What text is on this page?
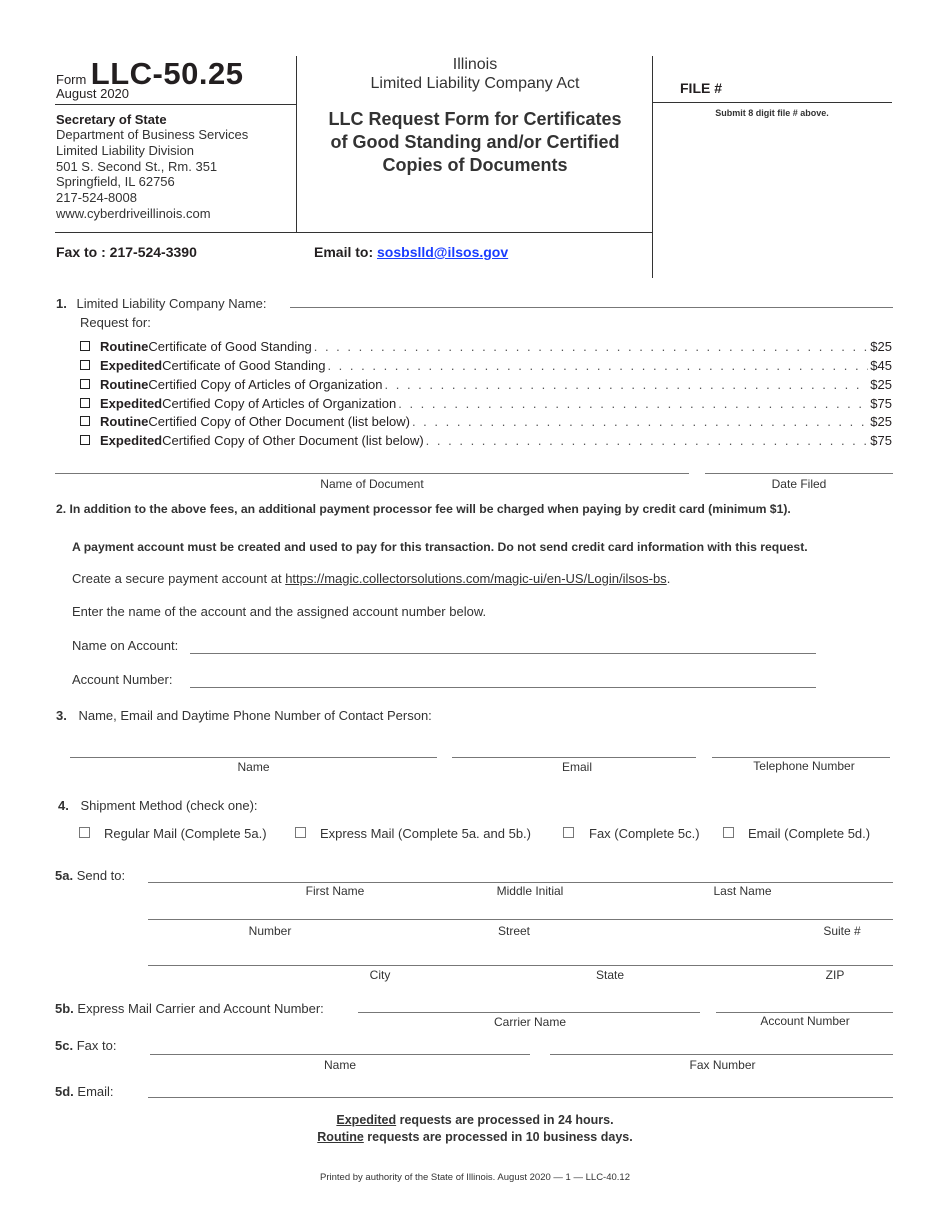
Form LLC-50.25
August 2020
Secretary of State
Department of Business Services
Limited Liability Division
501 S. Second St., Rm. 351
Springfield, IL 62756
217-524-8008
www.cyberdriveillinois.com
Illinois
Limited Liability Company Act
LLC Request Form for Certificates
of Good Standing and/or Certified
Copies of Documents
FILE #
Submit 8 digit file # above.
Fax to : 217-524-3390	Email to: sosbslld@ilsos.gov
1. Limited Liability Company Name:
Request for:
Routine Certificate of Good Standing . . .	$25
Expedited Certificate of Good Standing . . .	$45
Routine Certified Copy of Articles of Organization . . .	$25
Expedited Certified Copy of Articles of Organization . . .	$75
Routine Certified Copy of Other Document (list below) . . .	$25
Expedited Certified Copy of Other Document (list below) . . .	$75
Name of Document	Date Filed
2. In addition to the above fees, an additional payment processor fee will be charged when paying by credit card (minimum $1).
A payment account must be created and used to pay for this transaction. Do not send credit card information with this request.
Create a secure payment account at https://magic.collectorsolutions.com/magic-ui/en-US/Login/ilsos-bs.
Enter the name of the account and the assigned account number below.
Name on Account:
Account Number:
3. Name, Email and Daytime Phone Number of Contact Person:
Name	Email	Telephone Number
4. Shipment Method (check one):
Regular Mail (Complete 5a.)	Express Mail (Complete 5a. and 5b.)	Fax (Complete 5c.)	Email (Complete 5d.)
5a. Send to:
First Name	Middle Initial	Last Name
Number	Street	Suite #
City	State	ZIP
5b. Express Mail Carrier and Account Number:
Carrier Name	Account Number
5c. Fax to:
Name	Fax Number
5d. Email:
Expedited requests are processed in 24 hours.
Routine requests are processed in 10 business days.
Printed by authority of the State of Illinois. August 2020 — 1 — LLC-40.12
